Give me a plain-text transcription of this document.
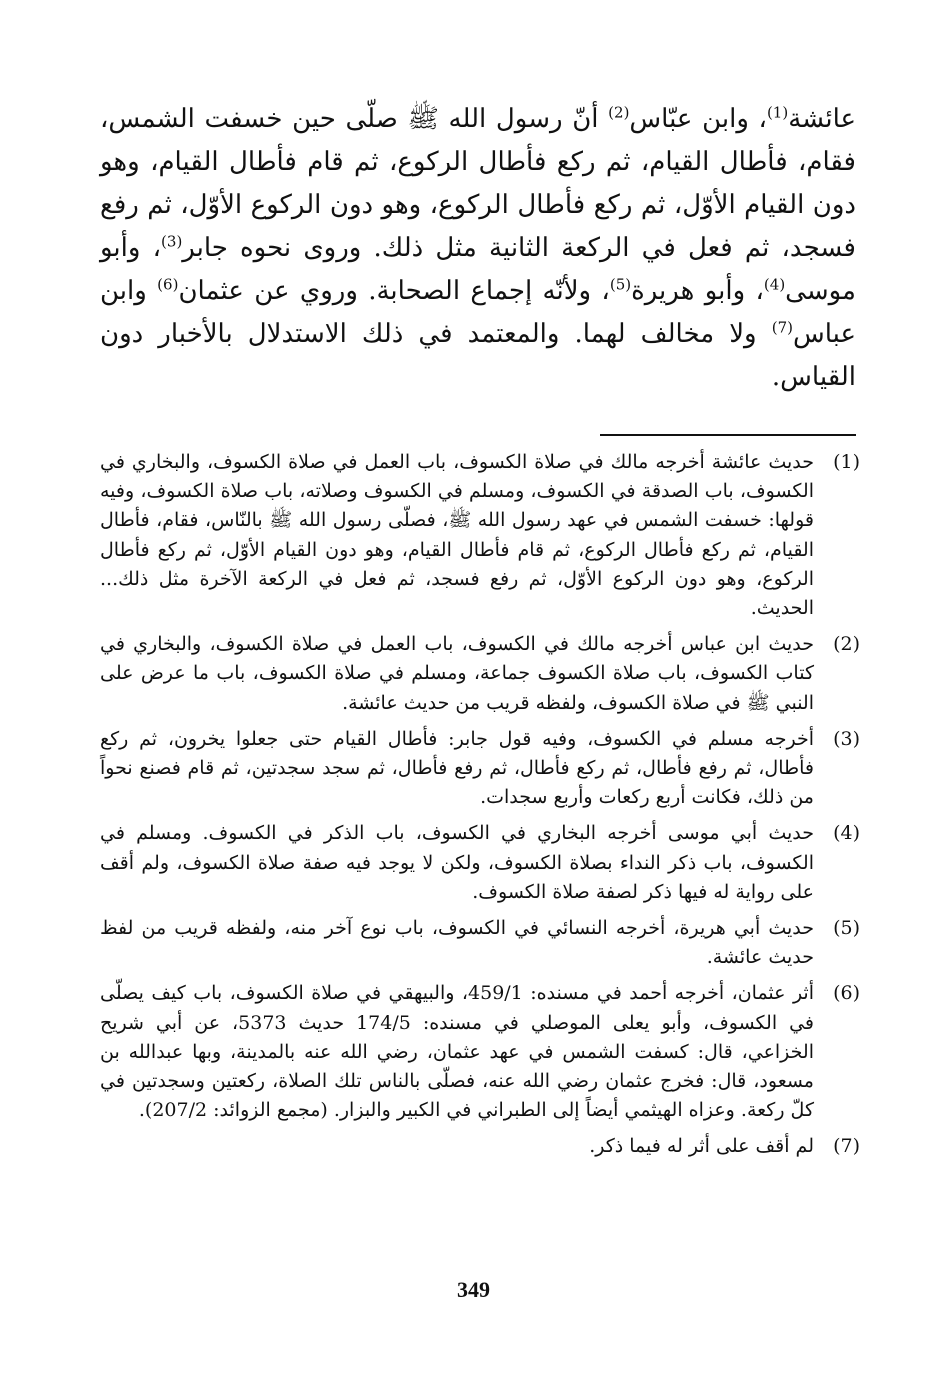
عائشة$^{(1)}$، وابن عبّاس$^{(2)}$ أنّ رسول الله ﷺ صلّى حين خسفت الشمس، فقام، فأطال القيام، ثم ركع فأطال الركوع، ثم قام فأطال القيام، وهو دون القيام الأوّل، ثم ركع فأطال الركوع، وهو دون الركوع الأوّل، ثم رفع فسجد، ثم فعل في الركعة الثانية مثل ذلك. وروى نحوه جابر$^{(3)}$، وأبو موسى$^{(4)}$، وأبو هريرة$^{(5)}$، ولأنّه إجماع الصحابة. وروي عن عثمان$^{(6)}$ وابن عباس$^{(7)}$ ولا مخالف لهما. والمعتمد في ذلك الاستدلال بالأخبار دون القياس.

(1)
حديث عائشة أخرجه مالك في صلاة الكسوف، باب العمل في صلاة الكسوف، والبخاري في الكسوف، باب الصدقة في الكسوف، ومسلم في الكسوف وصلاته، باب صلاة الكسوف، وفيه قولها: خسفت الشمس في عهد رسول الله ﷺ، فصلّى رسول الله ﷺ بالنّاس، فقام، فأطال القيام، ثم ركع فأطال الركوع، ثم قام فأطال القيام، وهو دون القيام الأوّل، ثم ركع فأطال الركوع، وهو دون الركوع الأوّل، ثم رفع فسجد، ثم فعل في الركعة الآخرة مثل ذلك... الحديث.
(2)
حديث ابن عباس أخرجه مالك في الكسوف، باب العمل في صلاة الكسوف، والبخاري في كتاب الكسوف، باب صلاة الكسوف جماعة، ومسلم في صلاة الكسوف، باب ما عرض على النبي ﷺ في صلاة الكسوف، ولفظه قريب من حديث عائشة.
(3)
أخرجه مسلم في الكسوف، وفيه قول جابر: فأطال القيام حتى جعلوا يخرون، ثم ركع فأطال، ثم رفع فأطال، ثم ركع فأطال، ثم رفع فأطال، ثم سجد سجدتين، ثم قام فصنع نحواً من ذلك، فكانت أربع ركعات وأربع سجدات.
(4)
حديث أبي موسى أخرجه البخاري في الكسوف، باب الذكر في الكسوف. ومسلم في الكسوف، باب ذكر النداء بصلاة الكسوف، ولكن لا يوجد فيه صفة صلاة الكسوف، ولم أقف على رواية له فيها ذكر لصفة صلاة الكسوف.
(5)
حديث أبي هريرة، أخرجه النسائي في الكسوف، باب نوع آخر منه، ولفظه قريب من لفظ حديث عائشة.
(6)
أثر عثمان، أخرجه أحمد في مسنده: 459/1، والبيهقي في صلاة الكسوف، باب كيف يصلّى في الكسوف، وأبو يعلى الموصلي في مسنده: 174/5 حديث 5373، عن أبي شريح الخزاعي، قال: كسفت الشمس في عهد عثمان، رضي الله عنه بالمدينة، وبها عبدالله بن مسعود، قال: فخرج عثمان رضي الله عنه، فصلّى بالناس تلك الصلاة، ركعتين وسجدتين في كلّ ركعة. وعزاه الهيثمي أيضاً إلى الطبراني في الكبير والبزار. (مجمع الزوائد: 207/2).
(7)
لم أقف على أثر له فيما ذكر.
349
